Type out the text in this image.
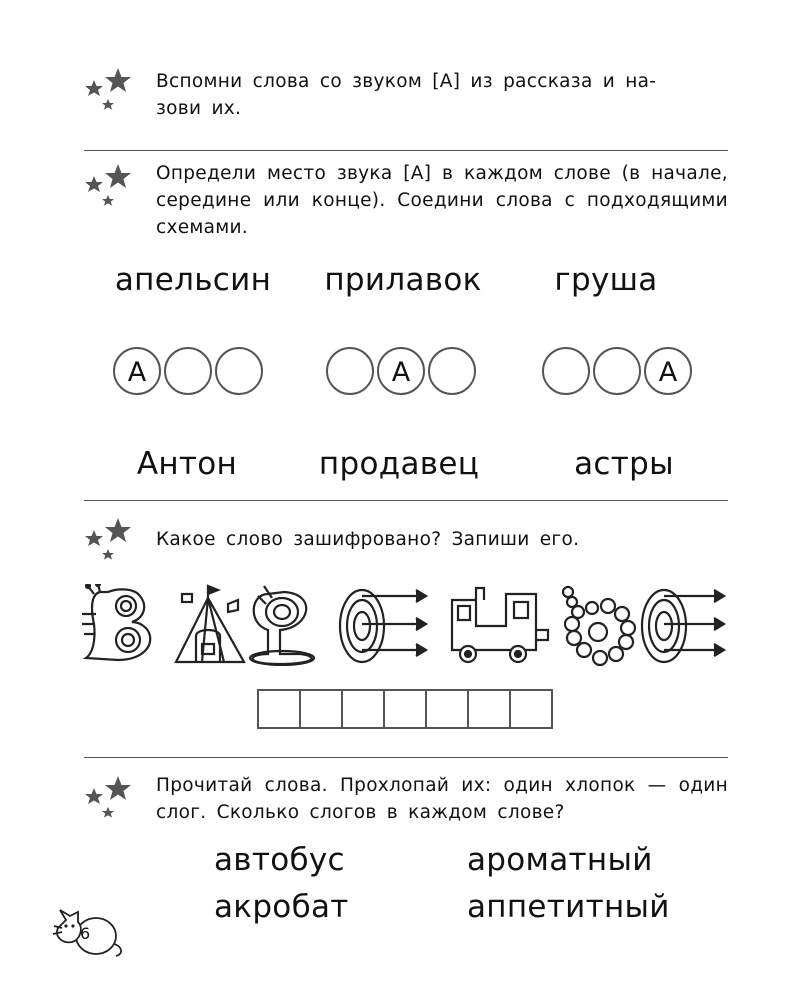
Вспомни слова со звуком [А] из рассказа и на-
зови их.
Определи место звука [А] в каждом слове (в начале, середине или конце). Соедини слова с подходящими схемами.
апельсин прилавок груша
А	А	А
Антон	продавец	астры
Какое слово зашифровано? Запиши его.
Прочитай слова. Прохлопай их: один хлопок — один слог. Сколько слогов в каждом слове?
автобус	ароматный
акробат	аппетитный
6
